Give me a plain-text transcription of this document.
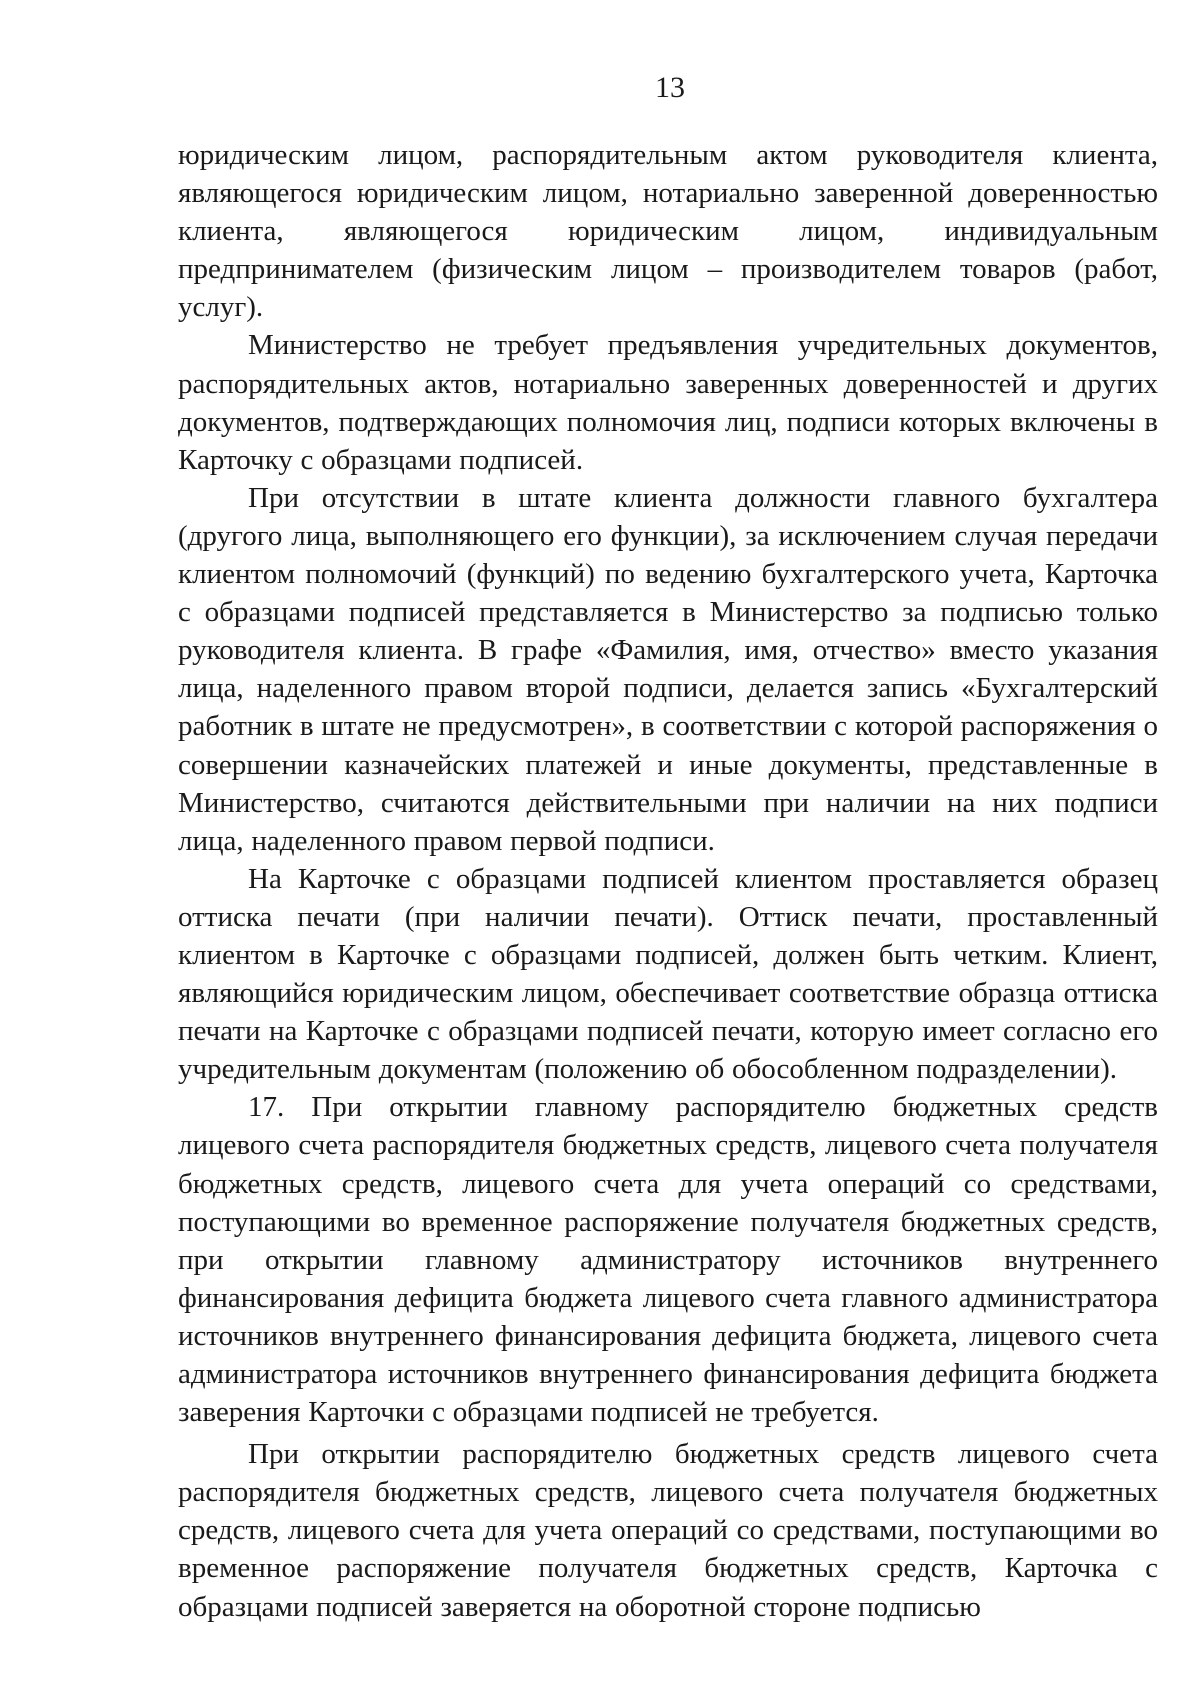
13

юридическим лицом, распорядительным актом руководителя клиента, являющегося юридическим лицом, нотариально заверенной доверенностью клиента, являющегося юридическим лицом, индивидуальным предпринимателем (физическим лицом – производителем товаров (работ, услуг).

Министерство не требует предъявления учредительных документов, распорядительных актов, нотариально заверенных доверенностей и других документов, подтверждающих полномочия лиц, подписи которых включены в Карточку с образцами подписей.

При отсутствии в штате клиента должности главного бухгалтера (другого лица, выполняющего его функции), за исключением случая передачи клиентом полномочий (функций) по ведению бухгалтерского учета, Карточка с образцами подписей представляется в Министерство за подписью только руководителя клиента. В графе «Фамилия, имя, отчество» вместо указания лица, наделенного правом второй подписи, делается запись «Бухгалтерский работник в штате не предусмотрен», в соответствии с которой распоряжения о совершении казначейских платежей и иные документы, представленные в Министерство, считаются действительными при наличии на них подписи лица, наделенного правом первой подписи.

На Карточке с образцами подписей клиентом проставляется образец оттиска печати (при наличии печати). Оттиск печати, проставленный клиентом в Карточке с образцами подписей, должен быть четким. Клиент, являющийся юридическим лицом, обеспечивает соответствие образца оттиска печати на Карточке с образцами подписей печати, которую имеет согласно его учредительным документам (положению об обособленном подразделении).

17. При открытии главному распорядителю бюджетных средств лицевого счета распорядителя бюджетных средств, лицевого счета получателя бюджетных средств, лицевого счета для учета операций со средствами, поступающими во временное распоряжение получателя бюджетных средств, при открытии главному администратору источников внутреннего финансирования дефицита бюджета лицевого счета главного администратора источников внутреннего финансирования дефицита бюджета, лицевого счета администратора источников внутреннего финансирования дефицита бюджета заверения Карточки с образцами подписей не требуется.

При открытии распорядителю бюджетных средств лицевого счета распорядителя бюджетных средств, лицевого счета получателя бюджетных средств, лицевого счета для учета операций со средствами, поступающими во временное распоряжение получателя бюджетных средств, Карточка с образцами подписей заверяется на оборотной стороне подписью
